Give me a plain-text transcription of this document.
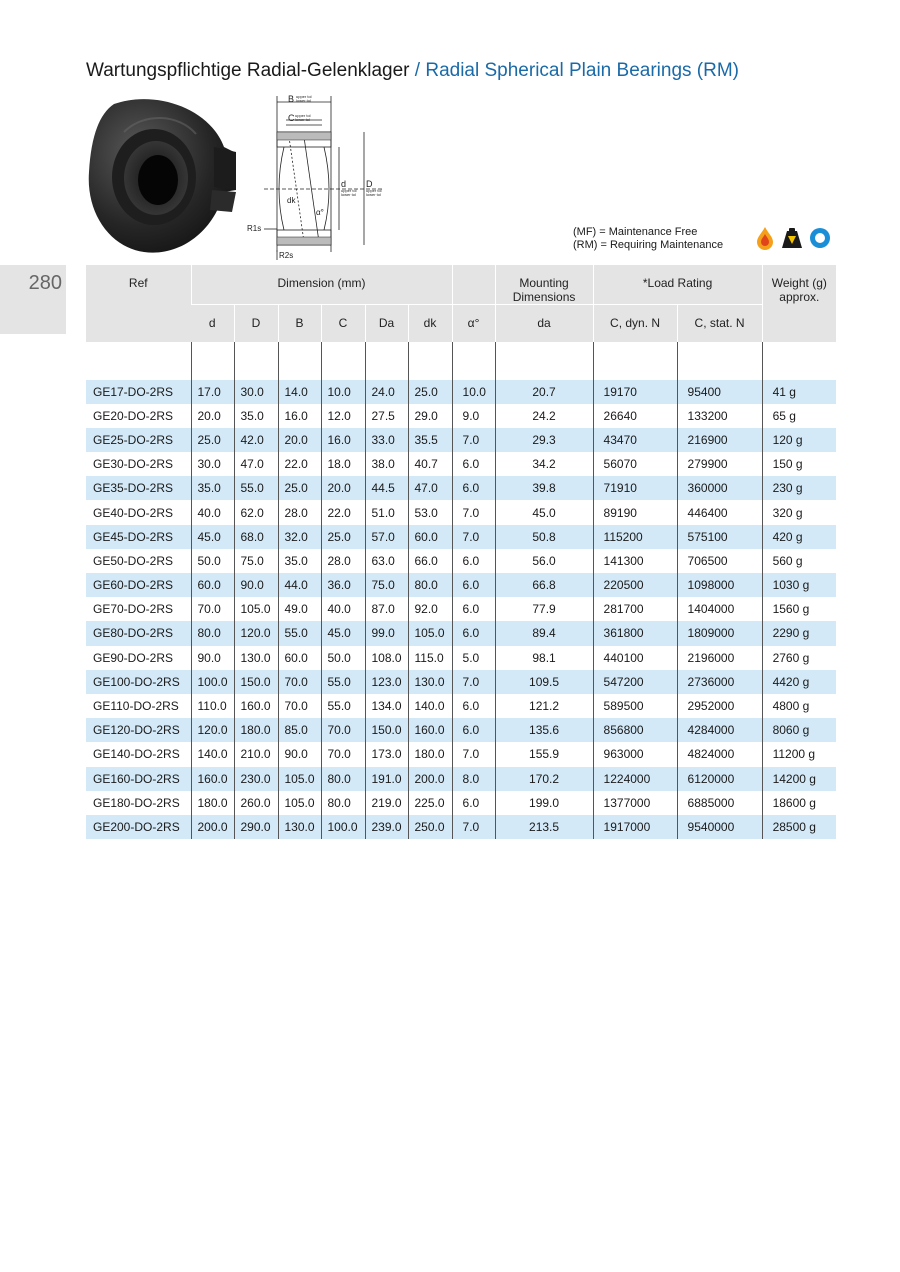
Wartungspflichtige Radial-Gelenklager / Radial Spherical Plain Bearings (RM)
B
C
d D
dk
α°
R1s
R2s
upper tol
lower tol
upper tol
lower tol
upper tol
lower tol
upper tol
lower tol
(MF) = Maintenance Free
(RM) = Requiring Maintenance
280	Ref	Dimension (mm)							Mounting
Dimensions	*Load Rating		Weight (g)
approx.

	d	D	B	C	Da	dk	α°	da	C, dyn. N	C, stat. N	

GE17-DO-2RS	17.0	30.0	14.0	10.0	24.0	25.0	10.0	20.7	19170	95400	41 g
GE20-DO-2RS	20.0	35.0	16.0	12.0	27.5	29.0	9.0	24.2	26640	133200	65 g
GE25-DO-2RS	25.0	42.0	20.0	16.0	33.0	35.5	7.0	29.3	43470	216900	120 g
GE30-DO-2RS	30.0	47.0	22.0	18.0	38.0	40.7	6.0	34.2	56070	279900	150 g
GE35-DO-2RS	35.0	55.0	25.0	20.0	44.5	47.0	6.0	39.8	71910	360000	230 g
GE40-DO-2RS	40.0	62.0	28.0	22.0	51.0	53.0	7.0	45.0	89190	446400	320 g
GE45-DO-2RS	45.0	68.0	32.0	25.0	57.0	60.0	7.0	50.8	115200	575100	420 g
GE50-DO-2RS	50.0	75.0	35.0	28.0	63.0	66.0	6.0	56.0	141300	706500	560 g
GE60-DO-2RS	60.0	90.0	44.0	36.0	75.0	80.0	6.0	66.8	220500	1098000	1030 g
GE70-DO-2RS	70.0	105.0	49.0	40.0	87.0	92.0	6.0	77.9	281700	1404000	1560 g
GE80-DO-2RS	80.0	120.0	55.0	45.0	99.0	105.0	6.0	89.4	361800	1809000	2290 g
GE90-DO-2RS	90.0	130.0	60.0	50.0	108.0	115.0	5.0	98.1	440100	2196000	2760 g
GE100-DO-2RS	100.0	150.0	70.0	55.0	123.0	130.0	7.0	109.5	547200	2736000	4420 g
GE110-DO-2RS	110.0	160.0	70.0	55.0	134.0	140.0	6.0	121.2	589500	2952000	4800 g
GE120-DO-2RS	120.0	180.0	85.0	70.0	150.0	160.0	6.0	135.6	856800	4284000	8060 g
GE140-DO-2RS	140.0	210.0	90.0	70.0	173.0	180.0	7.0	155.9	963000	4824000	11200 g
GE160-DO-2RS	160.0	230.0	105.0	80.0	191.0	200.0	8.0	170.2	1224000	6120000	14200 g
GE180-DO-2RS	180.0	260.0	105.0	80.0	219.0	225.0	6.0	199.0	1377000	6885000	18600 g
GE200-DO-2RS	200.0	290.0	130.0	100.0	239.0	250.0	7.0	213.5	1917000	9540000	28500 g
